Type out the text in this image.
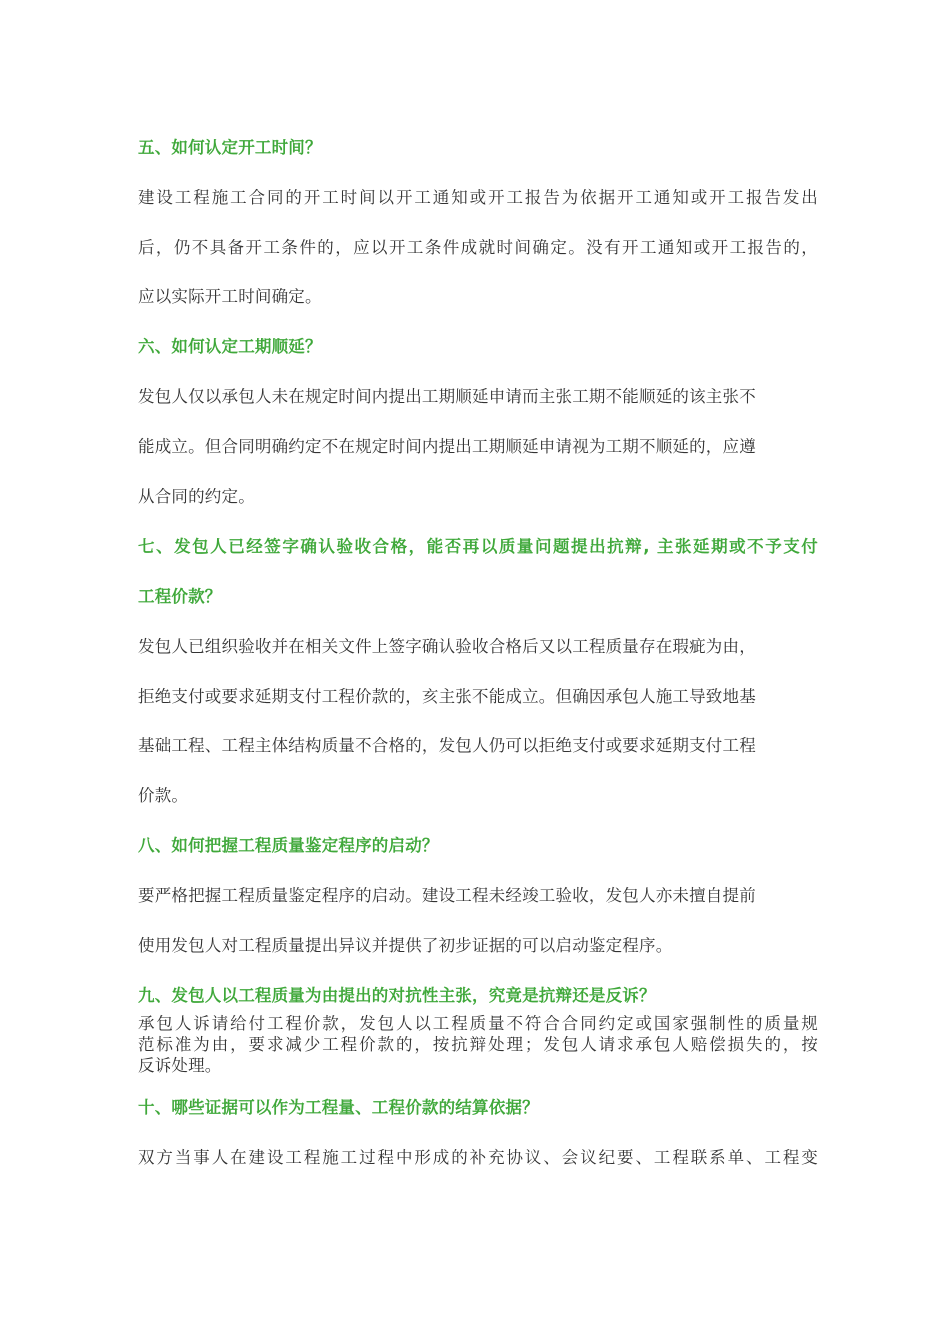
五、如何认定开工时间？
建设工程施工合同的开工时间以开工通知或开工报告为依据开工通知或开工报告发出
后，仍不具备开工条件的，应以开工条件成就时间确定。没有开工通知或开工报告的，
应以实际开工时间确定。
六、如何认定工期顺延？
发包人仅以承包人未在规定时间内提出工期顺延申请而主张工期不能顺延的该主张不
能成立。但合同明确约定不在规定时间内提出工期顺延申请视为工期不顺延的，应遵
从合同的约定。
七、发包人已经签字确认验收合格，能否再以质量问题提出抗辩, 主张延期或不予支付
工程价款？
发包人已组织验收并在相关文件上签字确认验收合格后又以工程质量存在瑕疵为由，
拒绝支付或要求延期支付工程价款的，亥主张不能成立。但确因承包人施工导致地基
基础工程、工程主体结构质量不合格的，发包人仍可以拒绝支付或要求延期支付工程
价款。
八、如何把握工程质量鉴定程序的启动？
要严格把握工程质量鉴定程序的启动。建设工程未经竣工验收，发包人亦未擅自提前
使用发包人对工程质量提出异议并提供了初步证据的可以启动鉴定程序。
九、发包人以工程质量为由提出的对抗性主张，究竟是抗辩还是反诉？
承包人诉请给付工程价款，发包人以工程质量不符合合同约定或国家强制性的质量规
范标准为由，要求减少工程价款的，按抗辩处理；发包人请求承包人赔偿损失的，按
反诉处理。
十、哪些证据可以作为工程量、工程价款的结算依据？
双方当事人在建设工程施工过程中形成的补充协议、会议纪要、工程联系单、工程变
